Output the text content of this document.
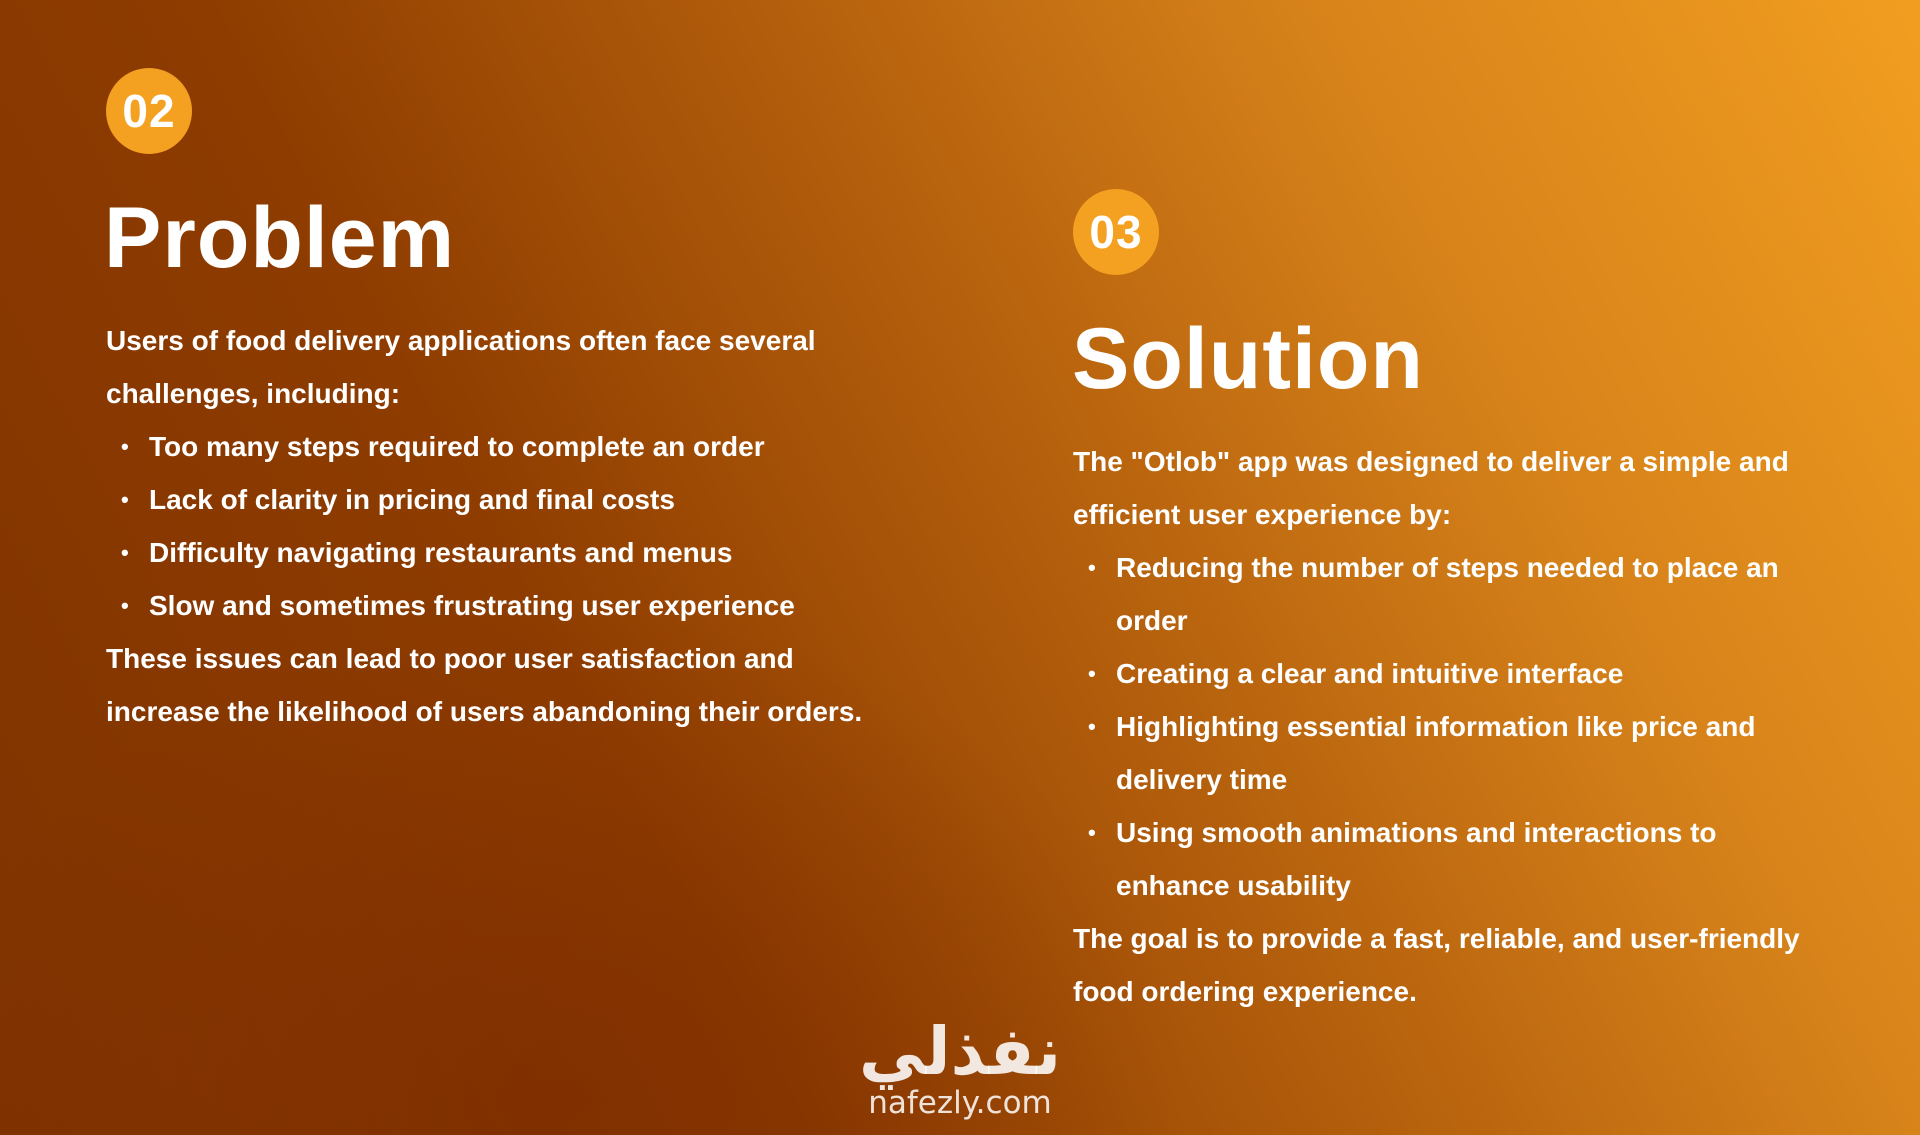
02
Problem

Users of food delivery applications often face several challenges, including:

• Too many steps required to complete an order
• Lack of clarity in pricing and final costs
• Difficulty navigating restaurants and menus
• Slow and sometimes frustrating user experience

These issues can lead to poor user satisfaction and increase the likelihood of users abandoning their orders.

03
Solution

The "Otlob" app was designed to deliver a simple and efficient user experience by:

• Reducing the number of steps needed to place an order
• Creating a clear and intuitive interface
• Highlighting essential information like price and delivery time
• Using smooth animations and interactions to enhance usability

The goal is to provide a fast, reliable, and user-friendly food ordering experience.

نفذلي
nafezly.com
